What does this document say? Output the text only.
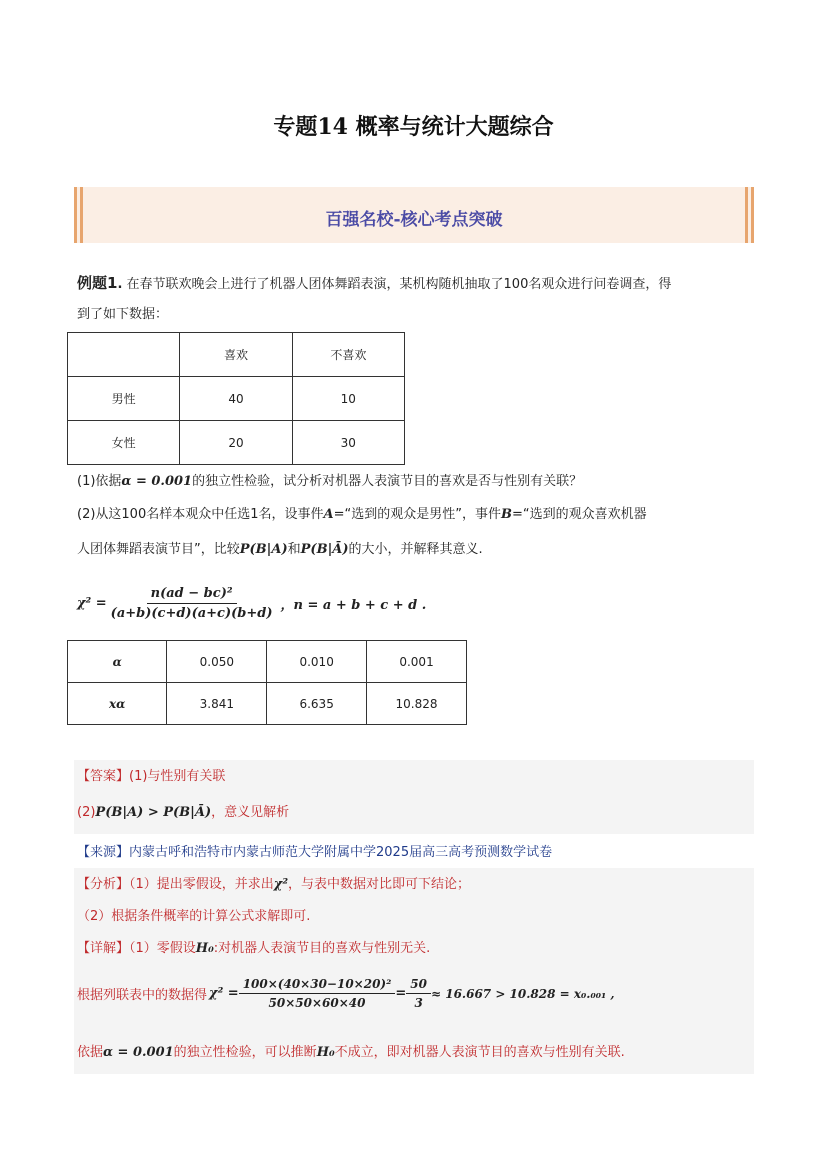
专题14 概率与统计大题综合
百强名校-核心考点突破
例题1. 在春节联欢晚会上进行了机器人团体舞蹈表演，某机构随机抽取了100名观众进行问卷调查，得
到了如下数据：
	喜欢	不喜欢
男性	40	10
女性	20	30
(1)依据α = 0.001的独立性检验，试分析对机器人表演节目的喜欢是否与性别有关联？
(2)从这100名样本观众中任选1名，设事件A=“选到的观众是男性”，事件B=“选到的观众喜欢机器
人团体舞蹈表演节目”，比较P(B|A)和P(B|Ā)的大小，并解释其意义.
$\chi^2 = \frac{\text{n(ad − bc)²}}{(a+b)(c+d)(a+c)(b+d)}$ ，n = a + b + c + d .
α	0.050	0.010	0.001
xα	3.841	6.635	10.828
【答案】(1)与性别有关联
(2)P(B|A) > P(B|Ā)，意义见解析
【来源】内蒙古呼和浩特市内蒙古师范大学附属中学2025届高三高考预测数学试卷
【分析】（1）提出零假设，并求出χ²，与表中数据对比即可下结论；
（2）根据条件概率的计算公式求解即可.
【详解】（1）零假设H₀:对机器人表演节目的喜欢与性别无关.
根据列联表中的数据得 $\chi^2 = \frac{\text{100×(40×30−10×20)²}}{50\times 50\times 60\times 40} = \frac{50}{3} \approx 16.667 > 10.828 = x_0._{001}$ ,
依据α = 0.001的独立性检验，可以推断H₀不成立，即对机器人表演节目的喜欢与性别有关联.
